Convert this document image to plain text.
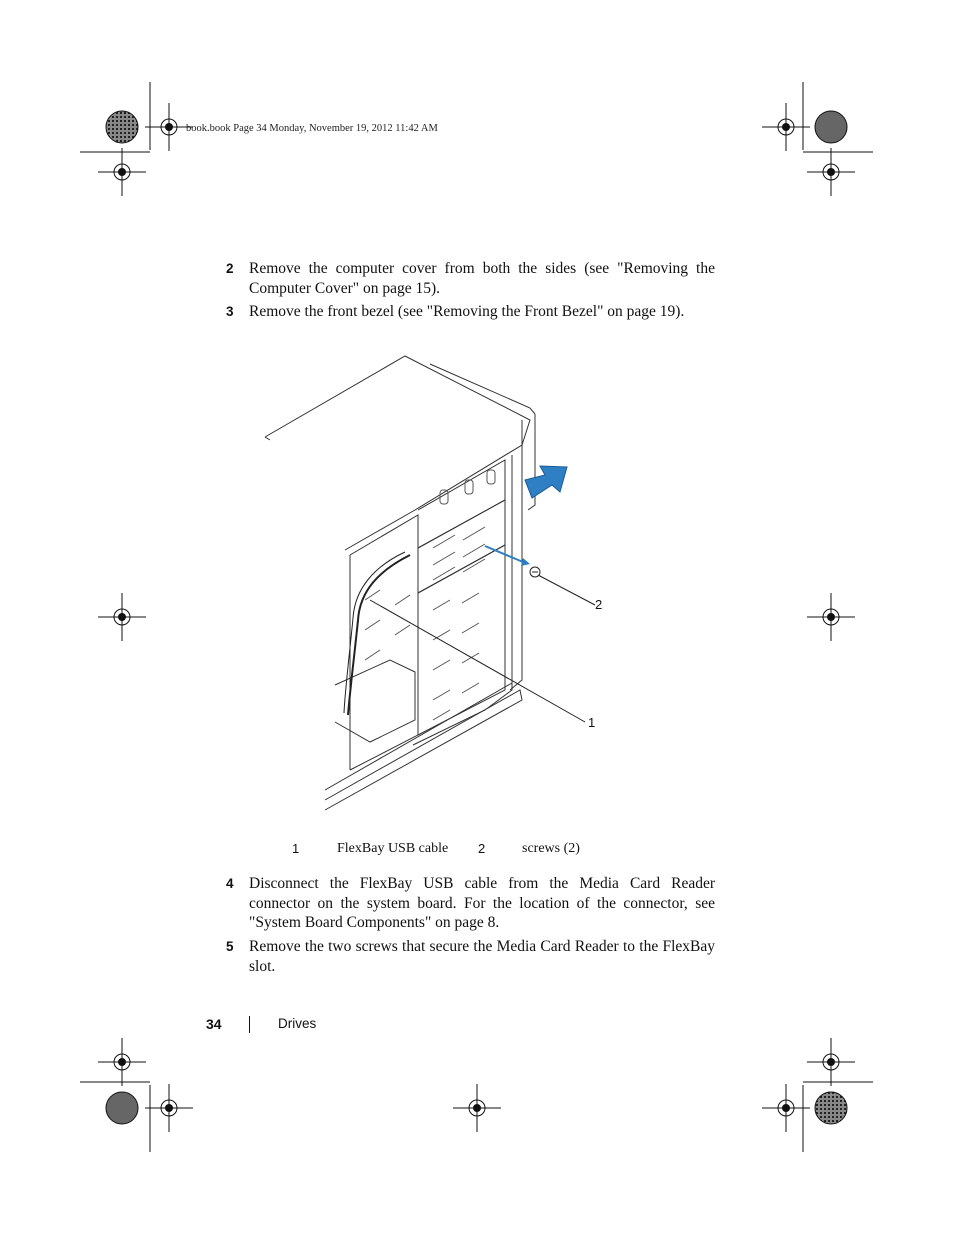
book.book Page 34 Monday, November 19, 2012 11:42 AM
2 Remove the computer cover from both the sides (see "Removing the Computer Cover" on page 15).
3 Remove the front bezel (see "Removing the Front Bezel" on page 19).
2
1
1	FlexBay USB cable 2	screws (2)
4 Disconnect the FlexBay USB cable from the Media Card Reader connector on the system board. For the location of the connector, see "System Board Components" on page 8.
5 Remove the two screws that secure the Media Card Reader to the FlexBay slot.
34	Drives
